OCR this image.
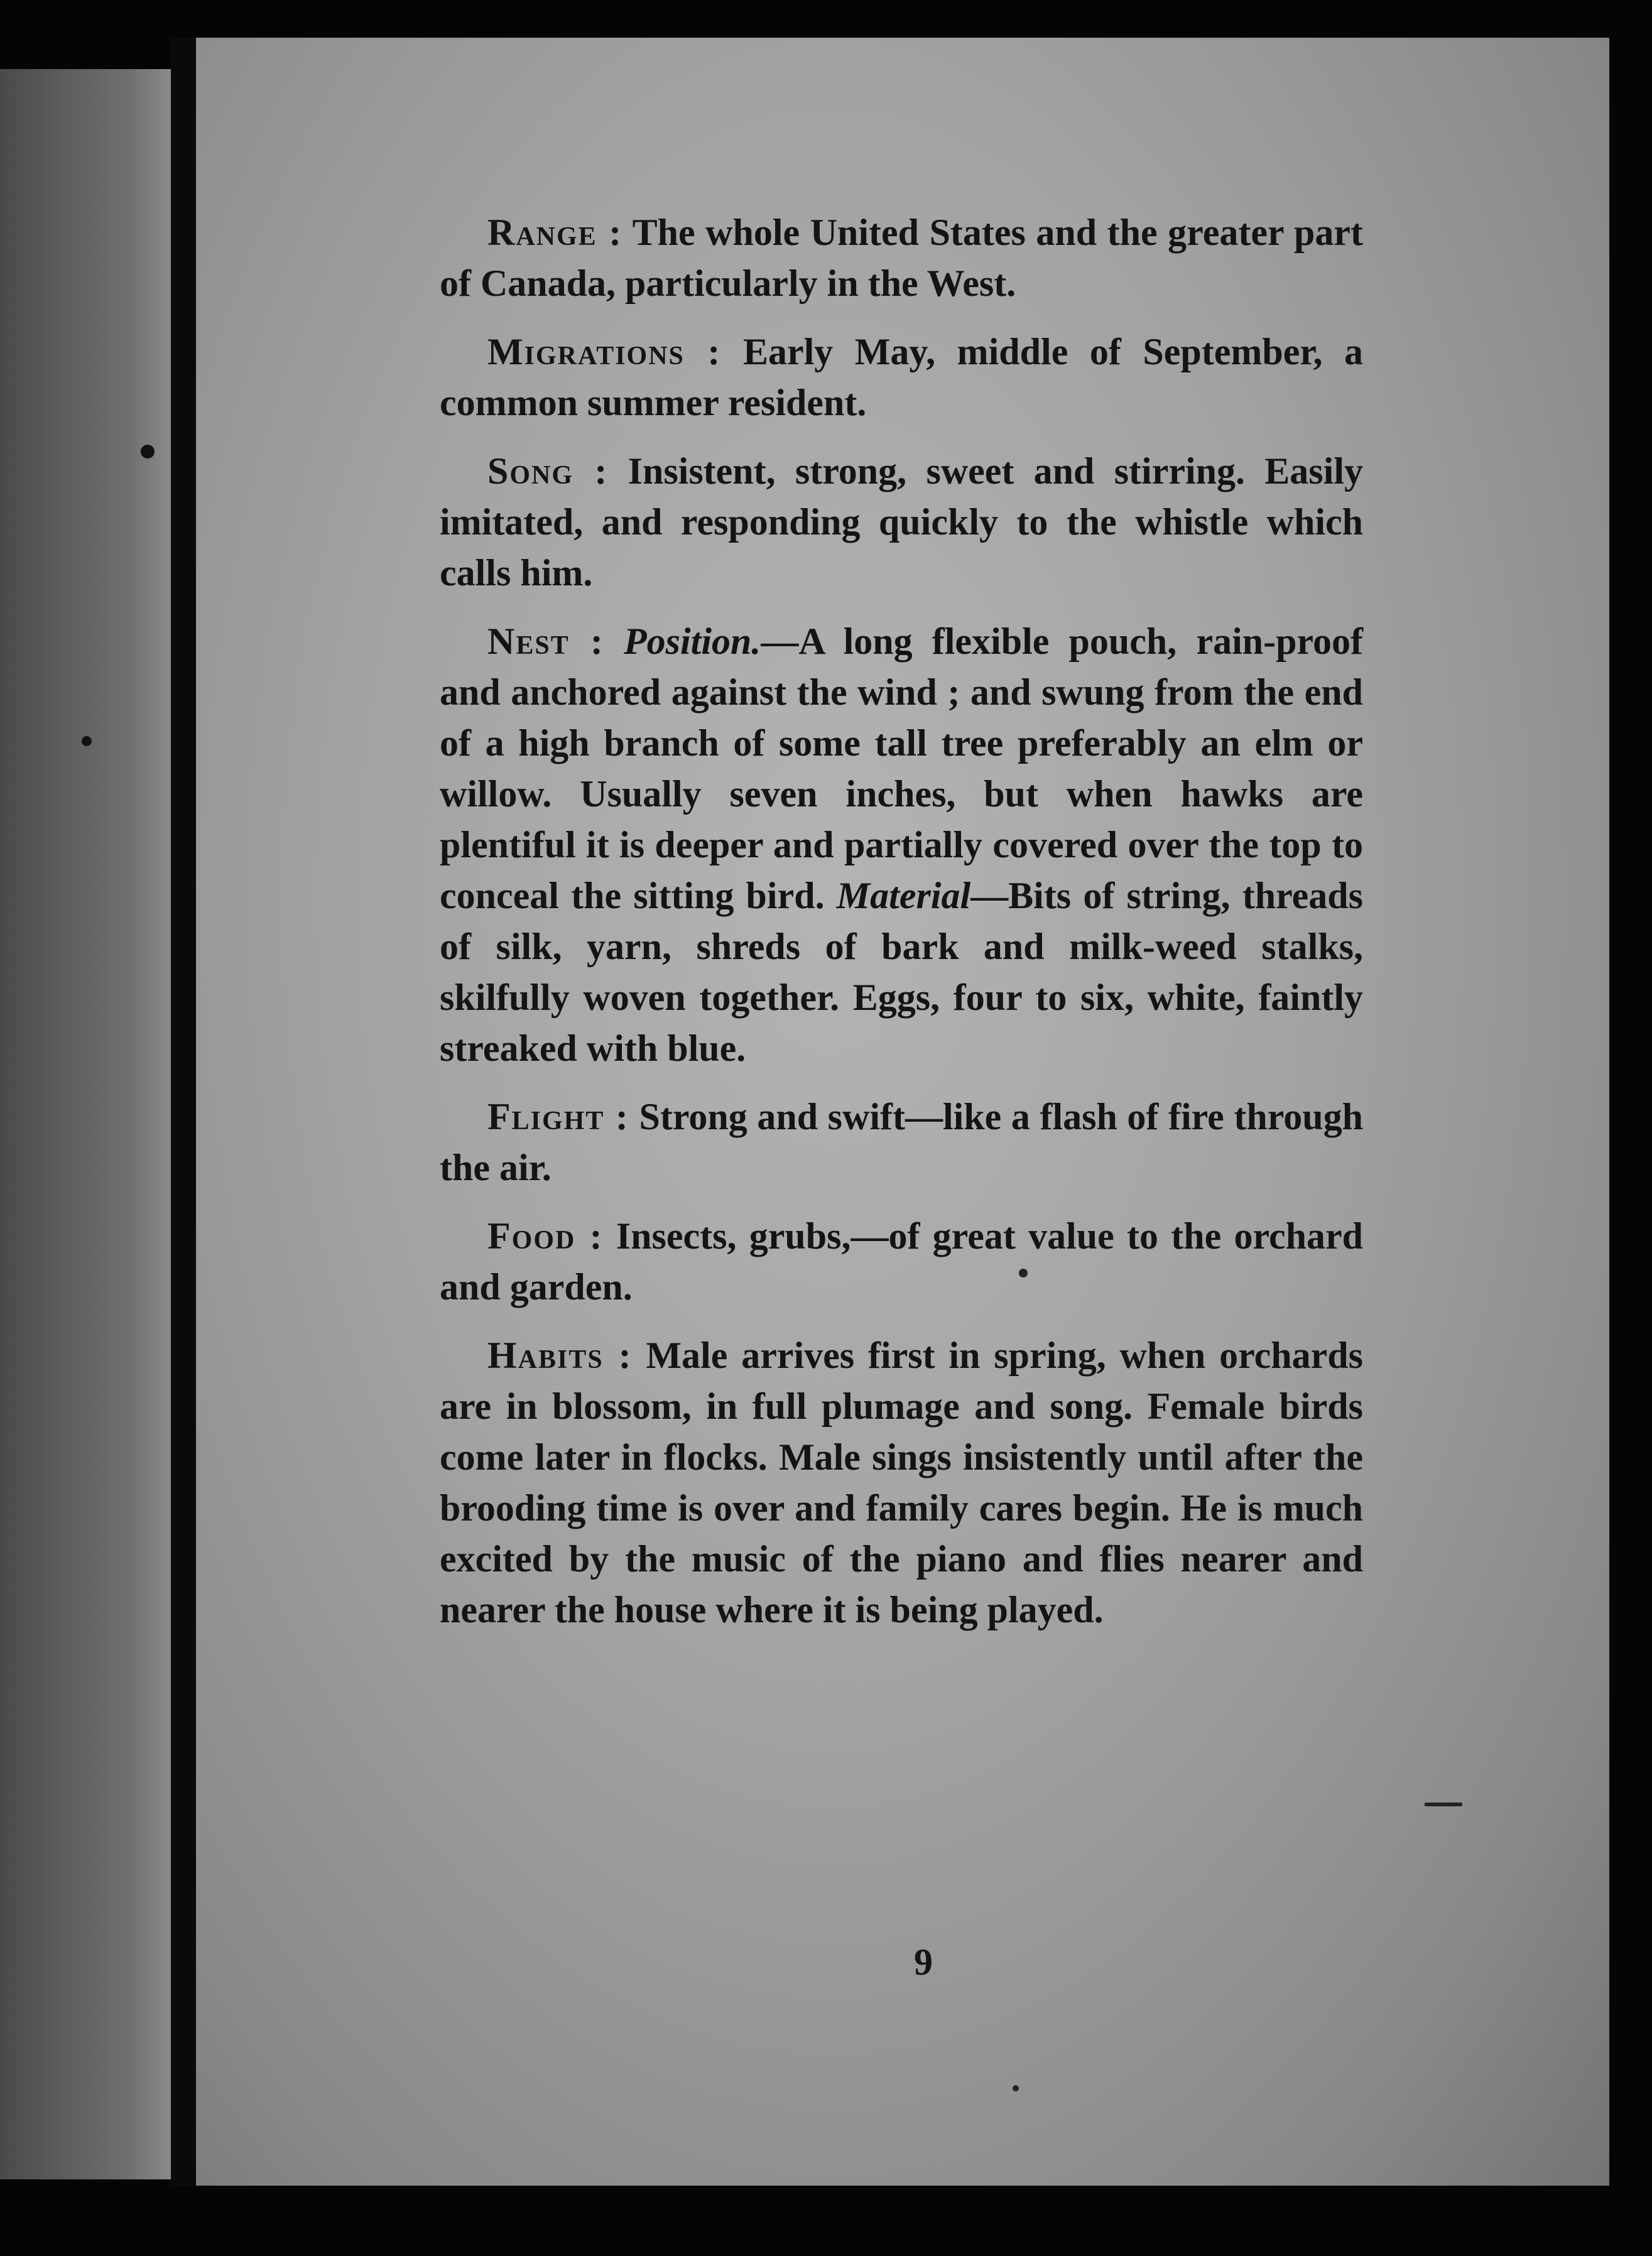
Range : The whole United States and the greater part of Canada, particularly in the West.

Migrations : Early May, middle of September, a common summer resident.

Song : Insistent, strong, sweet and stirring. Easily imitated, and responding quickly to the whistle which calls him.

Nest : Position.—A long flexible pouch, rain-proof and anchored against the wind ; and swung from the end of a high branch of some tall tree preferably an elm or willow. Usually seven inches, but when hawks are plentiful it is deeper and partially covered over the top to conceal the sitting bird. Material—Bits of string, threads of silk, yarn, shreds of bark and milk-weed stalks, skilfully woven together. Eggs, four to six, white, faintly streaked with blue.

Flight : Strong and swift—like a flash of fire through the air.

Food : Insects, grubs,—of great value to the orchard and garden.

Habits : Male arrives first in spring, when orchards are in blossom, in full plumage and song. Female birds come later in flocks. Male sings insistently until after the brooding time is over and family cares begin. He is much excited by the music of the piano and flies nearer and nearer the house where it is being played.

9
